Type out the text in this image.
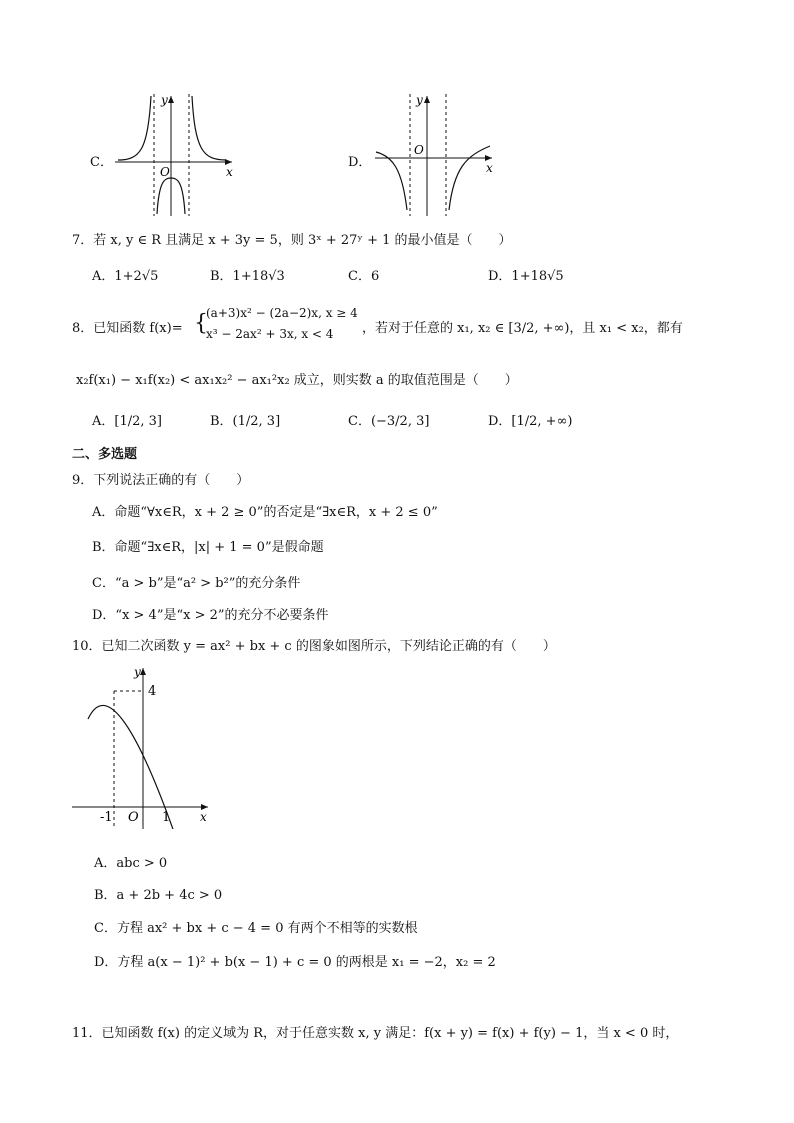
C．
O
y
x
D．
O
y
x
7．若 x, y ∈ R 且满足 x + 3y = 5，则 3ˣ + 27ʸ + 1 的最小值是（　　）
A．1+2√5	B．1+18√3	C．6	D．1+18√5
8．已知函数 f(x)= {
(a+3)x² − (2a−2)x, x ≥ 4
x³ − 2ax² + 3x, x < 4 ，若对于任意的 x₁, x₂ ∈ [3/2, +∞)，且 x₁ < x₂，都有
x₂f(x₁) − x₁f(x₂) < ax₁x₂² − ax₁²x₂ 成立，则实数 a 的取值范围是（　　）
A．[1/2, 3]	B．(1/2, 3]	C．(−3/2, 3]	D．[1/2, +∞)
二、多选题
9．下列说法正确的有（　　）
A．命题“∀x∈R，x + 2 ≥ 0”的否定是“∃x∈R，x + 2 ≤ 0”
B．命题“∃x∈R，|x| + 1 = 0”是假命题
C．“a > b”是“a² > b²”的充分条件
D．“x > 4”是“x > 2”的充分不必要条件
10．已知二次函数 y = ax² + bx + c 的图象如图所示，下列结论正确的有（　　）
y
4
-1 O 1 x
A．abc > 0
B．a + 2b + 4c > 0
C．方程 ax² + bx + c − 4 = 0 有两个不相等的实数根
D．方程 a(x − 1)² + b(x − 1) + c = 0 的两根是 x₁ = −2，x₂ = 2
11．已知函数 f(x) 的定义域为 R，对于任意实数 x, y 满足：f(x + y) = f(x) + f(y) − 1，当 x < 0 时，
